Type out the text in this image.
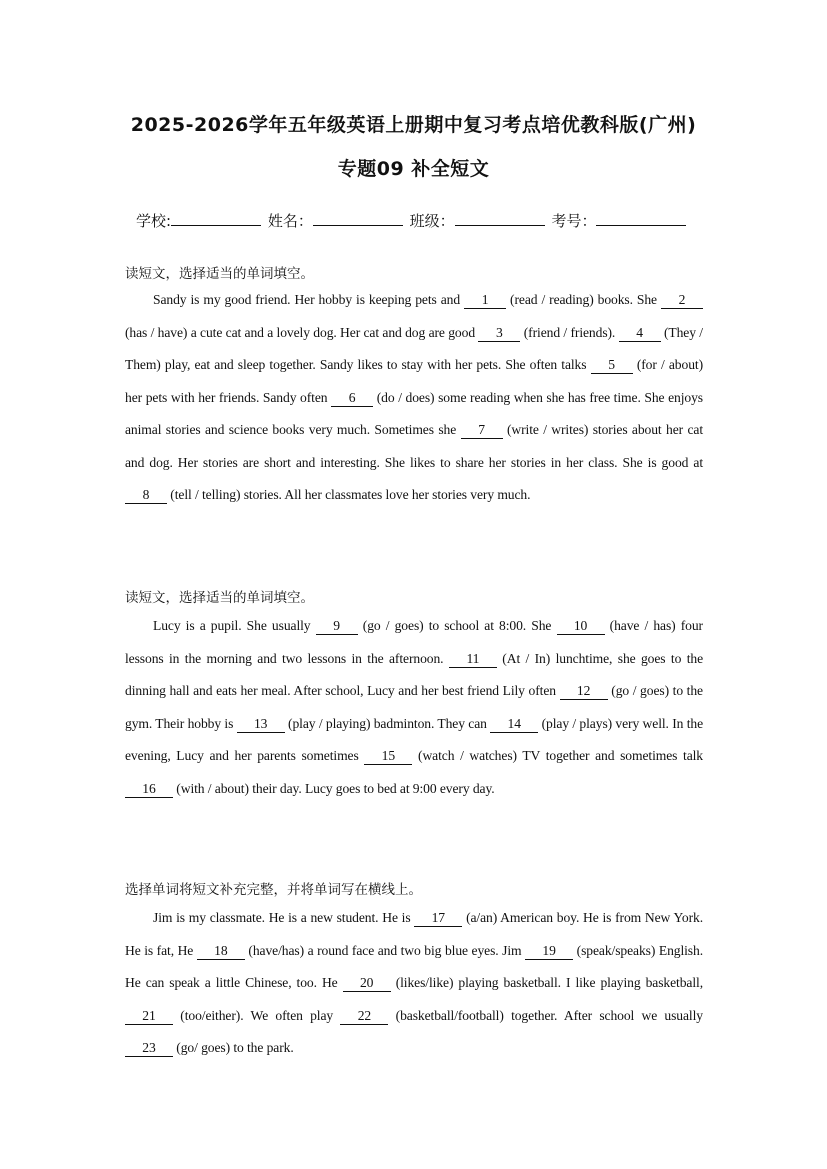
2025-2026学年五年级英语上册期中复习考点培优教科版(广州)
专题09 补全短文
学校:	姓名：	班级：	考号：
读短文，选择适当的单词填空。
Sandy is my good friend. Her hobby is keeping pets and 1 (read / reading) books. She 2 (has / have) a cute cat and a lovely dog. Her cat and dog are good 3 (friend / friends). 4 (They / Them) play, eat and sleep together. Sandy likes to stay with her pets. She often talks 5 (for / about) her pets with her friends. Sandy often 6 (do / does) some reading when she has free time. She enjoys animal stories and science books very much. Sometimes she 7 (write / writes) stories about her cat and dog. Her stories are short and interesting. She likes to share her stories in her class. She is good at 8 (tell / telling) stories. All her classmates love her stories very much.
读短文，选择适当的单词填空。
Lucy is a pupil. She usually 9 (go / goes) to school at 8:00. She 10 (have / has) four lessons in the morning and two lessons in the afternoon. 11 (At / In) lunchtime, she goes to the dinning hall and eats her meal. After school, Lucy and her best friend Lily often 12 (go / goes) to the gym. Their hobby is 13 (play / playing) badminton. They can 14 (play / plays) very well. In the evening, Lucy and her parents sometimes 15 (watch / watches) TV together and sometimes talk 16 (with / about) their day. Lucy goes to bed at 9:00 every day.
选择单词将短文补充完整，并将单词写在横线上。
Jim is my classmate. He is a new student. He is 17 (a/an) American boy. He is from New York. He is fat, He 18 (have/has) a round face and two big blue eyes. Jim 19 (speak/speaks) English. He can speak a little Chinese, too. He 20 (likes/like) playing basketball. I like playing basketball, 21 (too/either). We often play 22 (basketball/football) together. After school we usually 23 (go/ goes) to the park.
